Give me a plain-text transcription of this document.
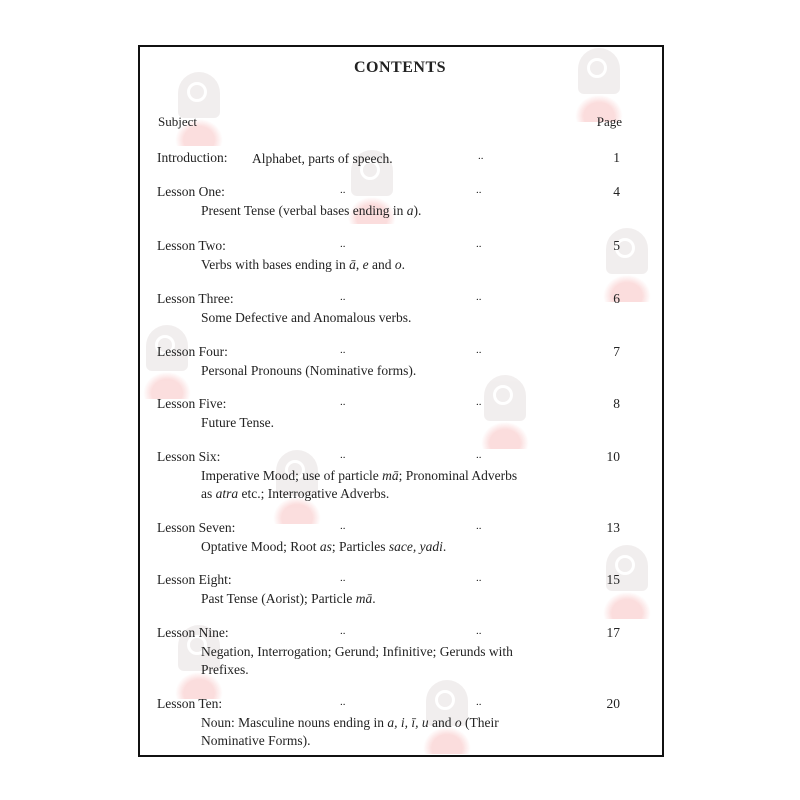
CONTENTS
Subject	Page
Introduction: Alphabet, parts of speech.	..	1
Lesson One:	..	..	4
Present Tense (verbal bases ending in a).
Lesson Two:	..	..	5
Verbs with bases ending in ā, e and o.
Lesson Three:	..	..	6
Some Defective and Anomalous verbs.
Lesson Four:	..	..	7
Personal Pronouns (Nominative forms).
Lesson Five:	..	..	8
Future Tense.
Lesson Six:	..	..	10
Imperative Mood; use of particle mā; Pronominal Adverbs
as atra etc.; Interrogative Adverbs.
Lesson Seven:	..	..	13
Optative Mood; Root as; Particles sace, yadi.
Lesson Eight:	..	..	15
Past Tense (Aorist); Particle mā.
Lesson Nine:	..	..	17
Negation, Interrogation; Gerund; Infinitive; Gerunds with
Prefixes.
Lesson Ten:	..	..	20
Noun: Masculine nouns ending in a, i, ī, u and o (Their
Nominative Forms).
